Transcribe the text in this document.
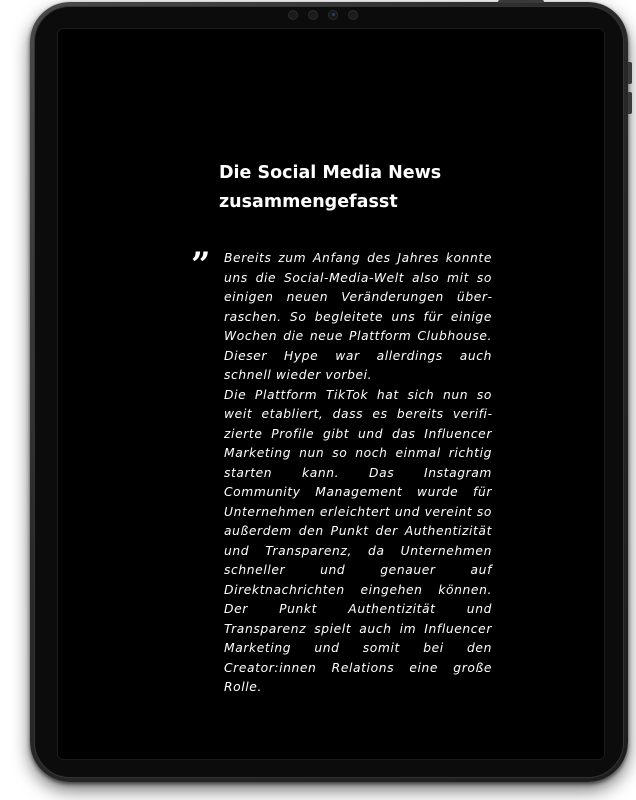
Die Social Media News
zusammengefasst
” Bereits zum Anfang des Jahres konnte uns die Social-Media-Welt also mit so einigen neuen Veränderungen überraschen. So begleitete uns für einige Wochen die neue Plattform Clubhouse. Dieser Hype war allerdings auch schnell wieder vorbei.

Die Plattform TikTok hat sich nun so weit etabliert, dass es bereits verifizierte Profile gibt und das Influencer Marketing nun so noch einmal richtig starten kann. Das Instagram Community Management wurde für Unternehmen erleichtert und vereint so außerdem den Punkt der Authentizität und Transparenz, da Unternehmen schneller und genauer auf Direktnachrichten eingehen können. Der Punkt Authentizität und Transparenz spielt auch im Influencer Marketing und somit bei den Creator:innen Relations eine große Rolle.
